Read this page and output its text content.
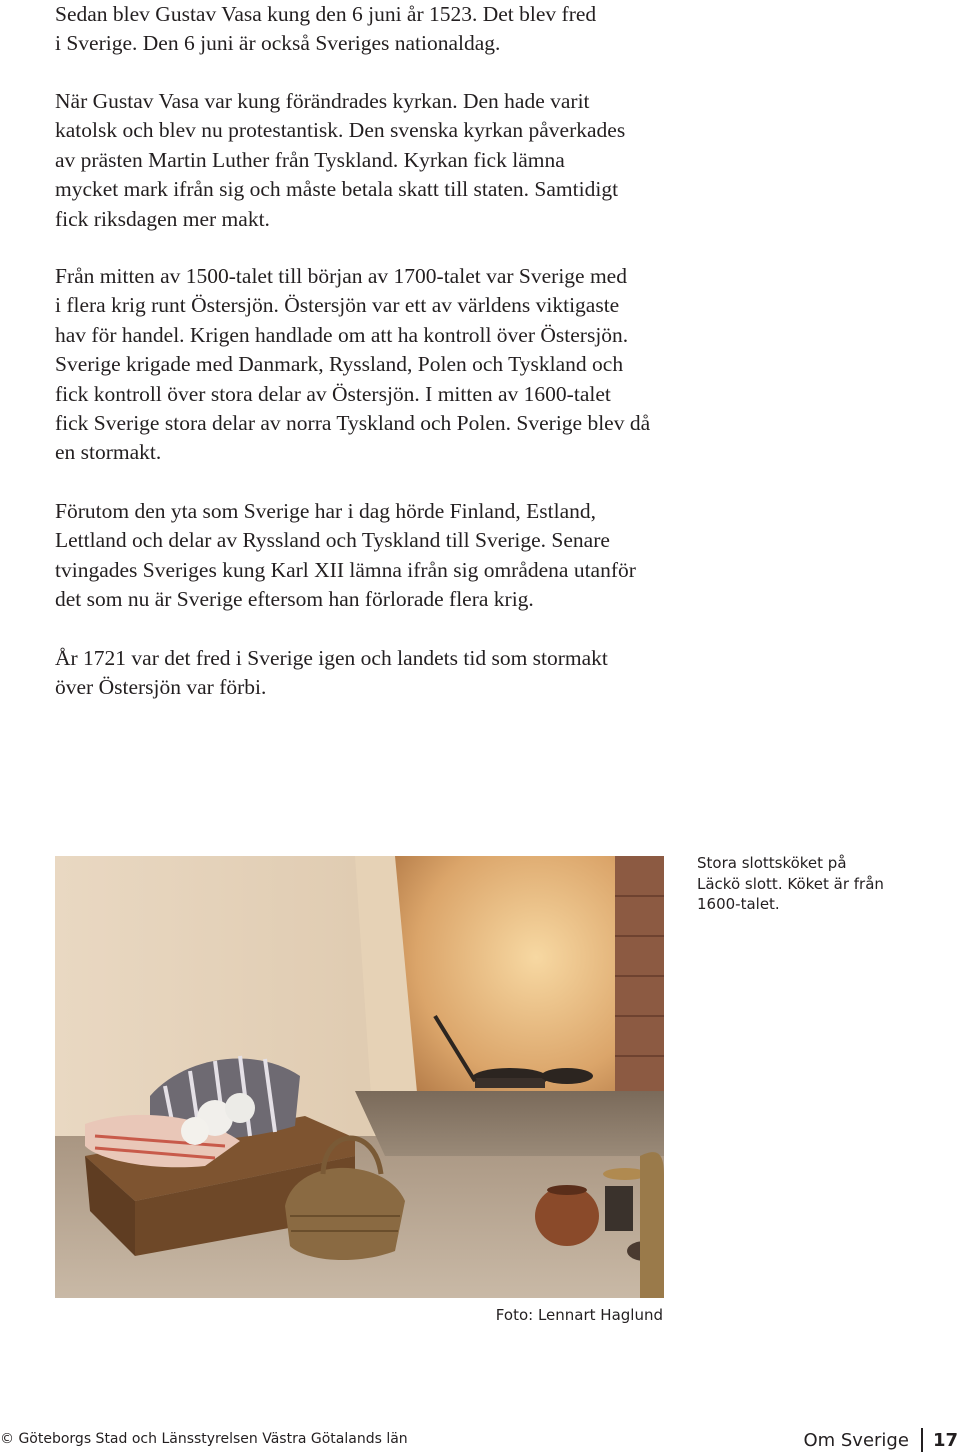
Sedan blev Gustav Vasa kung den 6 juni år 1523. Det blev fred
i Sverige. Den 6 juni är också Sveriges nationaldag.

När Gustav Vasa var kung förändrades kyrkan. Den hade varit
katolsk och blev nu protestantisk. Den svenska kyrkan påverkades
av prästen Martin Luther från Tyskland. Kyrkan fick lämna
mycket mark ifrån sig och måste betala skatt till staten. Samtidigt
fick riksdagen mer makt.

Från mitten av 1500-talet till början av 1700-talet var Sverige med
i flera krig runt Östersjön. Östersjön var ett av världens viktigaste
hav för handel. Krigen handlade om att ha kontroll över Östersjön.
Sverige krigade med Danmark, Ryssland, Polen och Tyskland och
fick kontroll över stora delar av Östersjön. I mitten av 1600-talet
fick Sverige stora delar av norra Tyskland och Polen. Sverige blev då
en stormakt.

Förutom den yta som Sverige har i dag hörde Finland, Estland,
Lettland och delar av Ryssland och Tyskland till Sverige. Senare
tvingades Sveriges kung Karl XII lämna ifrån sig områdena utanför
det som nu är Sverige eftersom han förlorade flera krig.

År 1721 var det fred i Sverige igen och landets tid som stormakt
över Östersjön var förbi.

Stora slottsköket på
Läckö slott. Köket är från
1600-talet.

Foto: Lennart Haglund
© Göteborgs Stad och Länsstyrelsen Västra Götalands län	Om Sverige 17
